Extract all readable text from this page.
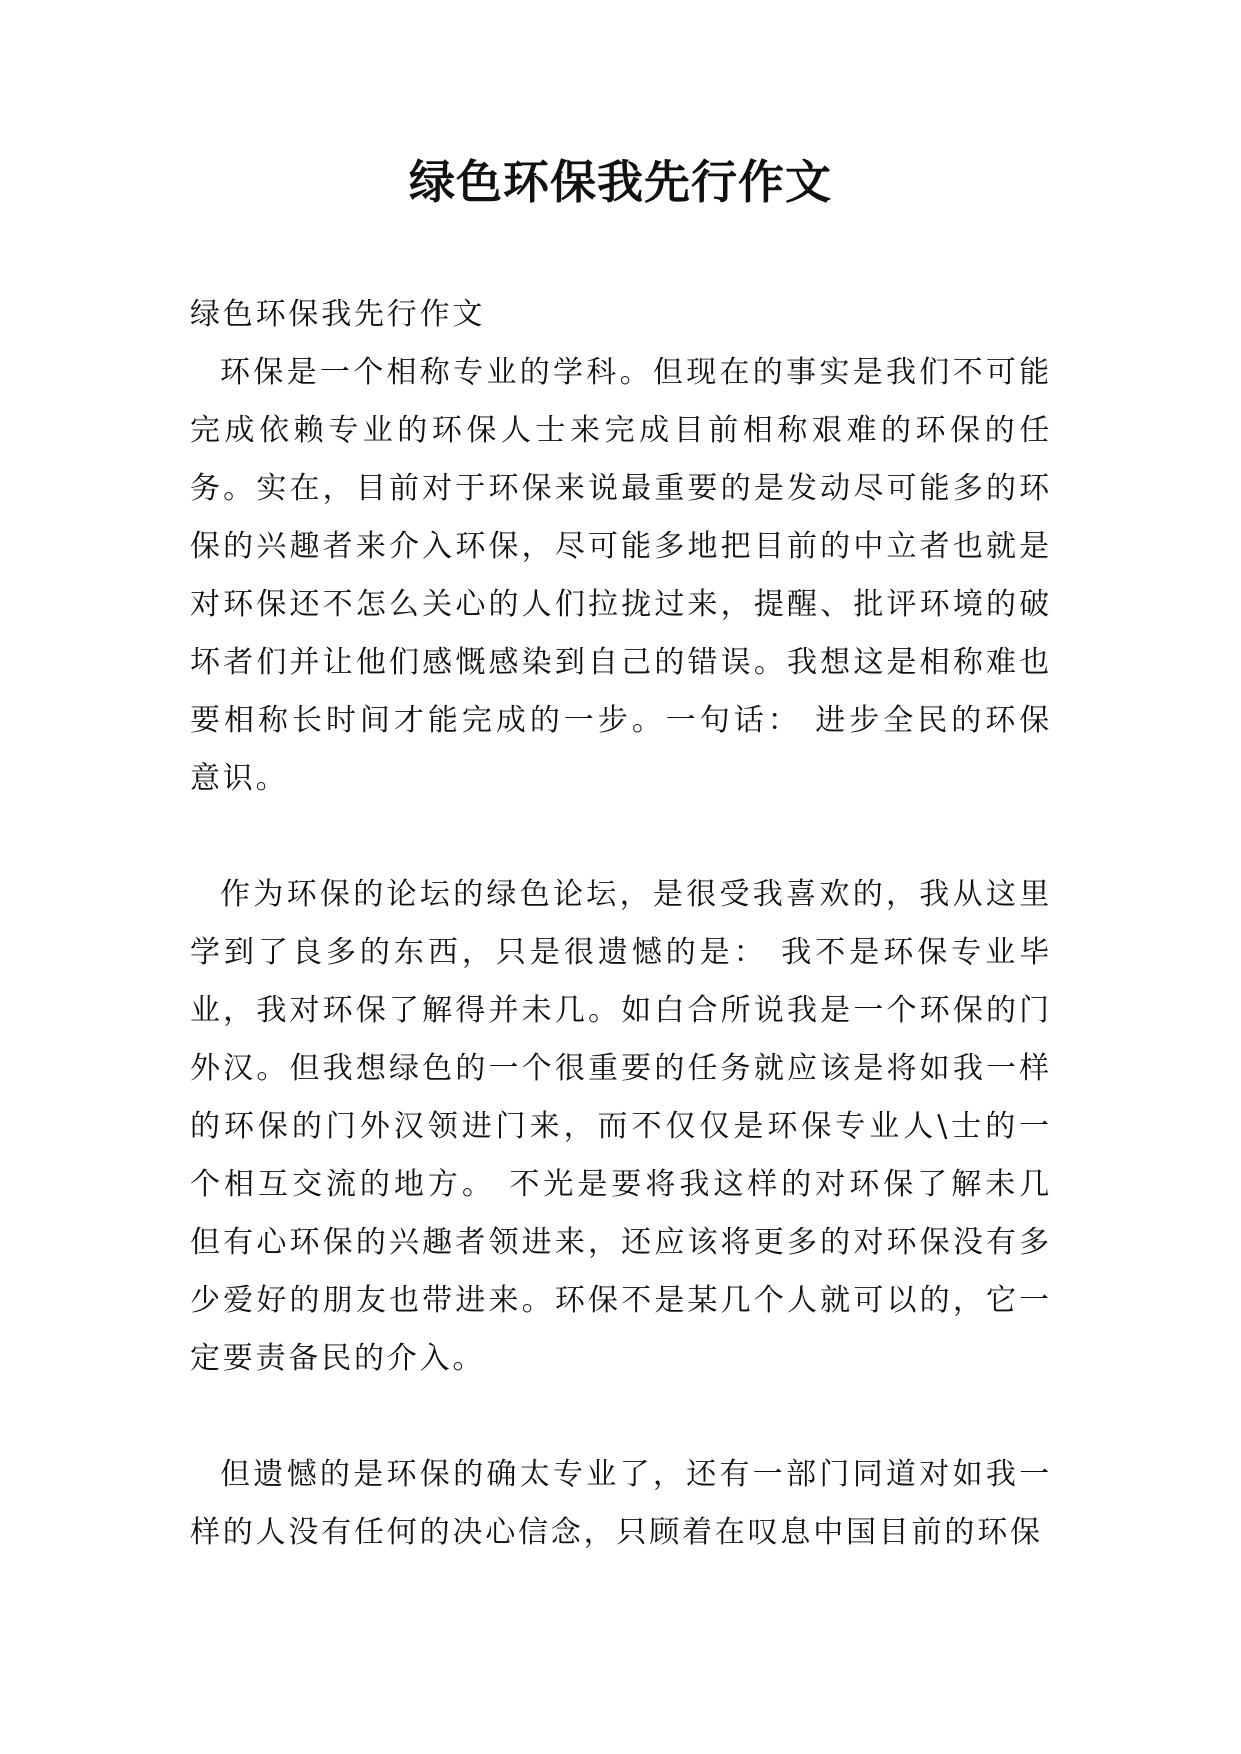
绿色环保我先行作文

绿色环保我先行作文

环保是一个相称专业的学科。但现在的事实是我们不可能完成依赖专业的环保人士来完成目前相称艰难的环保的任务。实在，目前对于环保来说最重要的是发动尽可能多的环保的兴趣者来介入环保，尽可能多地把目前的中立者也就是对环保还不怎么关心的人们拉拢过来，提醒、批评环境的破坏者们并让他们感慨感染到自己的错误。我想这是相称难也要相称长时间才能完成的一步。一句话： 进步全民的环保意识。

作为环保的论坛的绿色论坛，是很受我喜欢的，我从这里学到了良多的东西，只是很遗憾的是： 我不是环保专业毕业，我对环保了解得并未几。如白合所说我是一个环保的门外汉。但我想绿色的一个很重要的任务就应该是将如我一样的环保的门外汉领进门来，而不仅仅是环保专业人\士的一个相互交流的地方。 不光是要将我这样的对环保了解未几但有心环保的兴趣者领进来，还应该将更多的对环保没有多少爱好的朋友也带进来。环保不是某几个人就可以的，它一定要责备民的介入。

但遗憾的是环保的确太专业了，还有一部门同道对如我一样的人没有任何的决心信念，只顾着在叹息中国目前的环保
